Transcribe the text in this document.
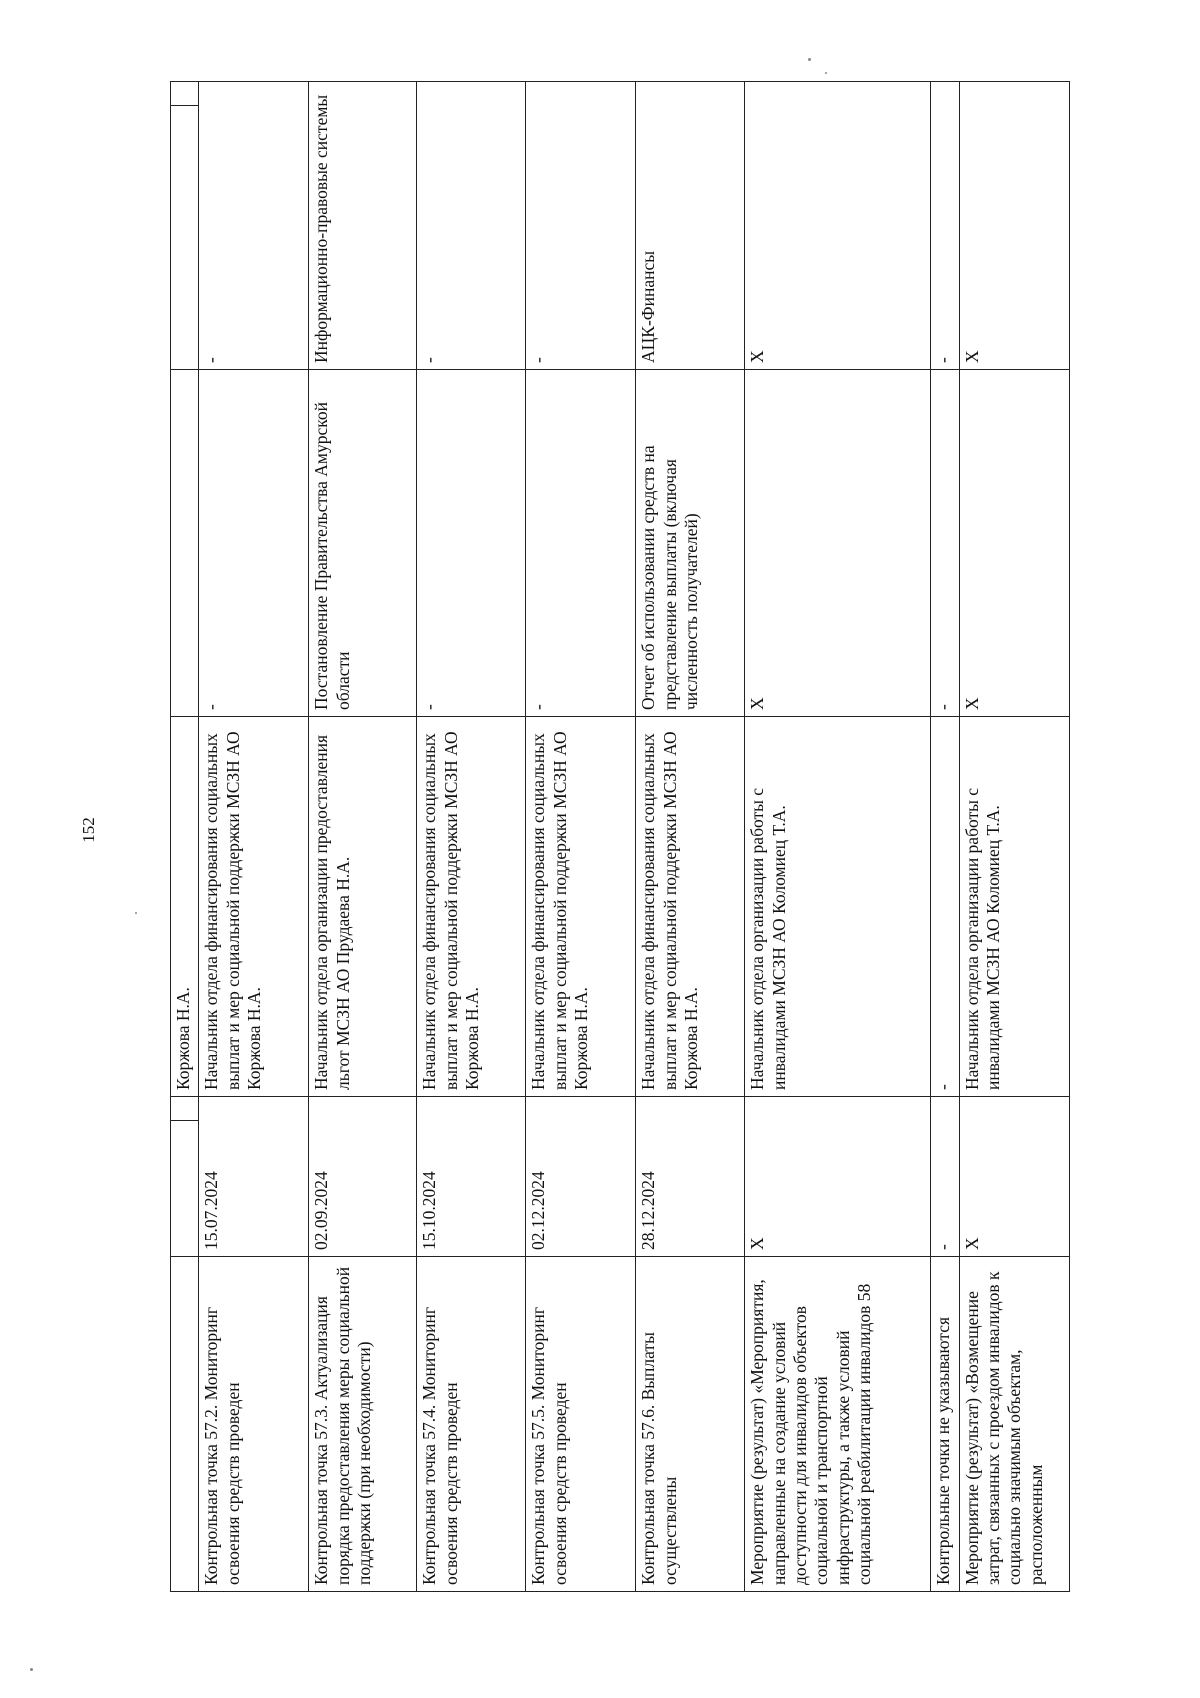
152
			Коржова Н.А.			
Контрольная точка 57.2. Мониторинг освоения средств проведен	15.07.2024		Начальник отдела финансирования социальных выплат и мер социальной поддержки МСЗН АО Коржова Н.А.	-	-	
Контрольная точка 57.3. Актуализация порядка предоставления меры социальной поддержки (при необходимости)	02.09.2024		Начальник отдела организации предоставления льгот МСЗН АО Прудаева Н.А.	Постановление Правительства Амурской области	Информационно-правовые системы	
Контрольная точка 57.4. Мониторинг освоения средств проведен	15.10.2024		Начальник отдела финансирования социальных выплат и мер социальной поддержки МСЗН АО Коржова Н.А.	-	-	
Контрольная точка 57.5. Мониторинг освоения средств проведен	02.12.2024		Начальник отдела финансирования социальных выплат и мер социальной поддержки МСЗН АО Коржова Н.А.	-	-	
Контрольная точка 57.6. Выплаты осуществлены	28.12.2024		Начальник отдела финансирования социальных выплат и мер социальной поддержки МСЗН АО Коржова Н.А.	Отчет об использовании средств на представление выплаты (включая численность получателей)	АЦК-Финансы	
Мероприятие (результат) «Мероприятия, направленные на создание условий доступности для инвалидов объектов социальной и транспортной инфраструктуры, а также условий социальной реабилитации инвалидов 58	Х		Начальник отдела организации работы с инвалидами МСЗН АО Коломиец Т.А.	Х	Х	
Контрольные точки не указываются	-		-	-	-	
Мероприятие (результат) «Возмещение затрат, связанных с проездом инвалидов к социально значимым объектам, расположенным	Х		Начальник отдела организации работы с инвалидами МСЗН АО Коломиец Т.А.	Х	Х	
